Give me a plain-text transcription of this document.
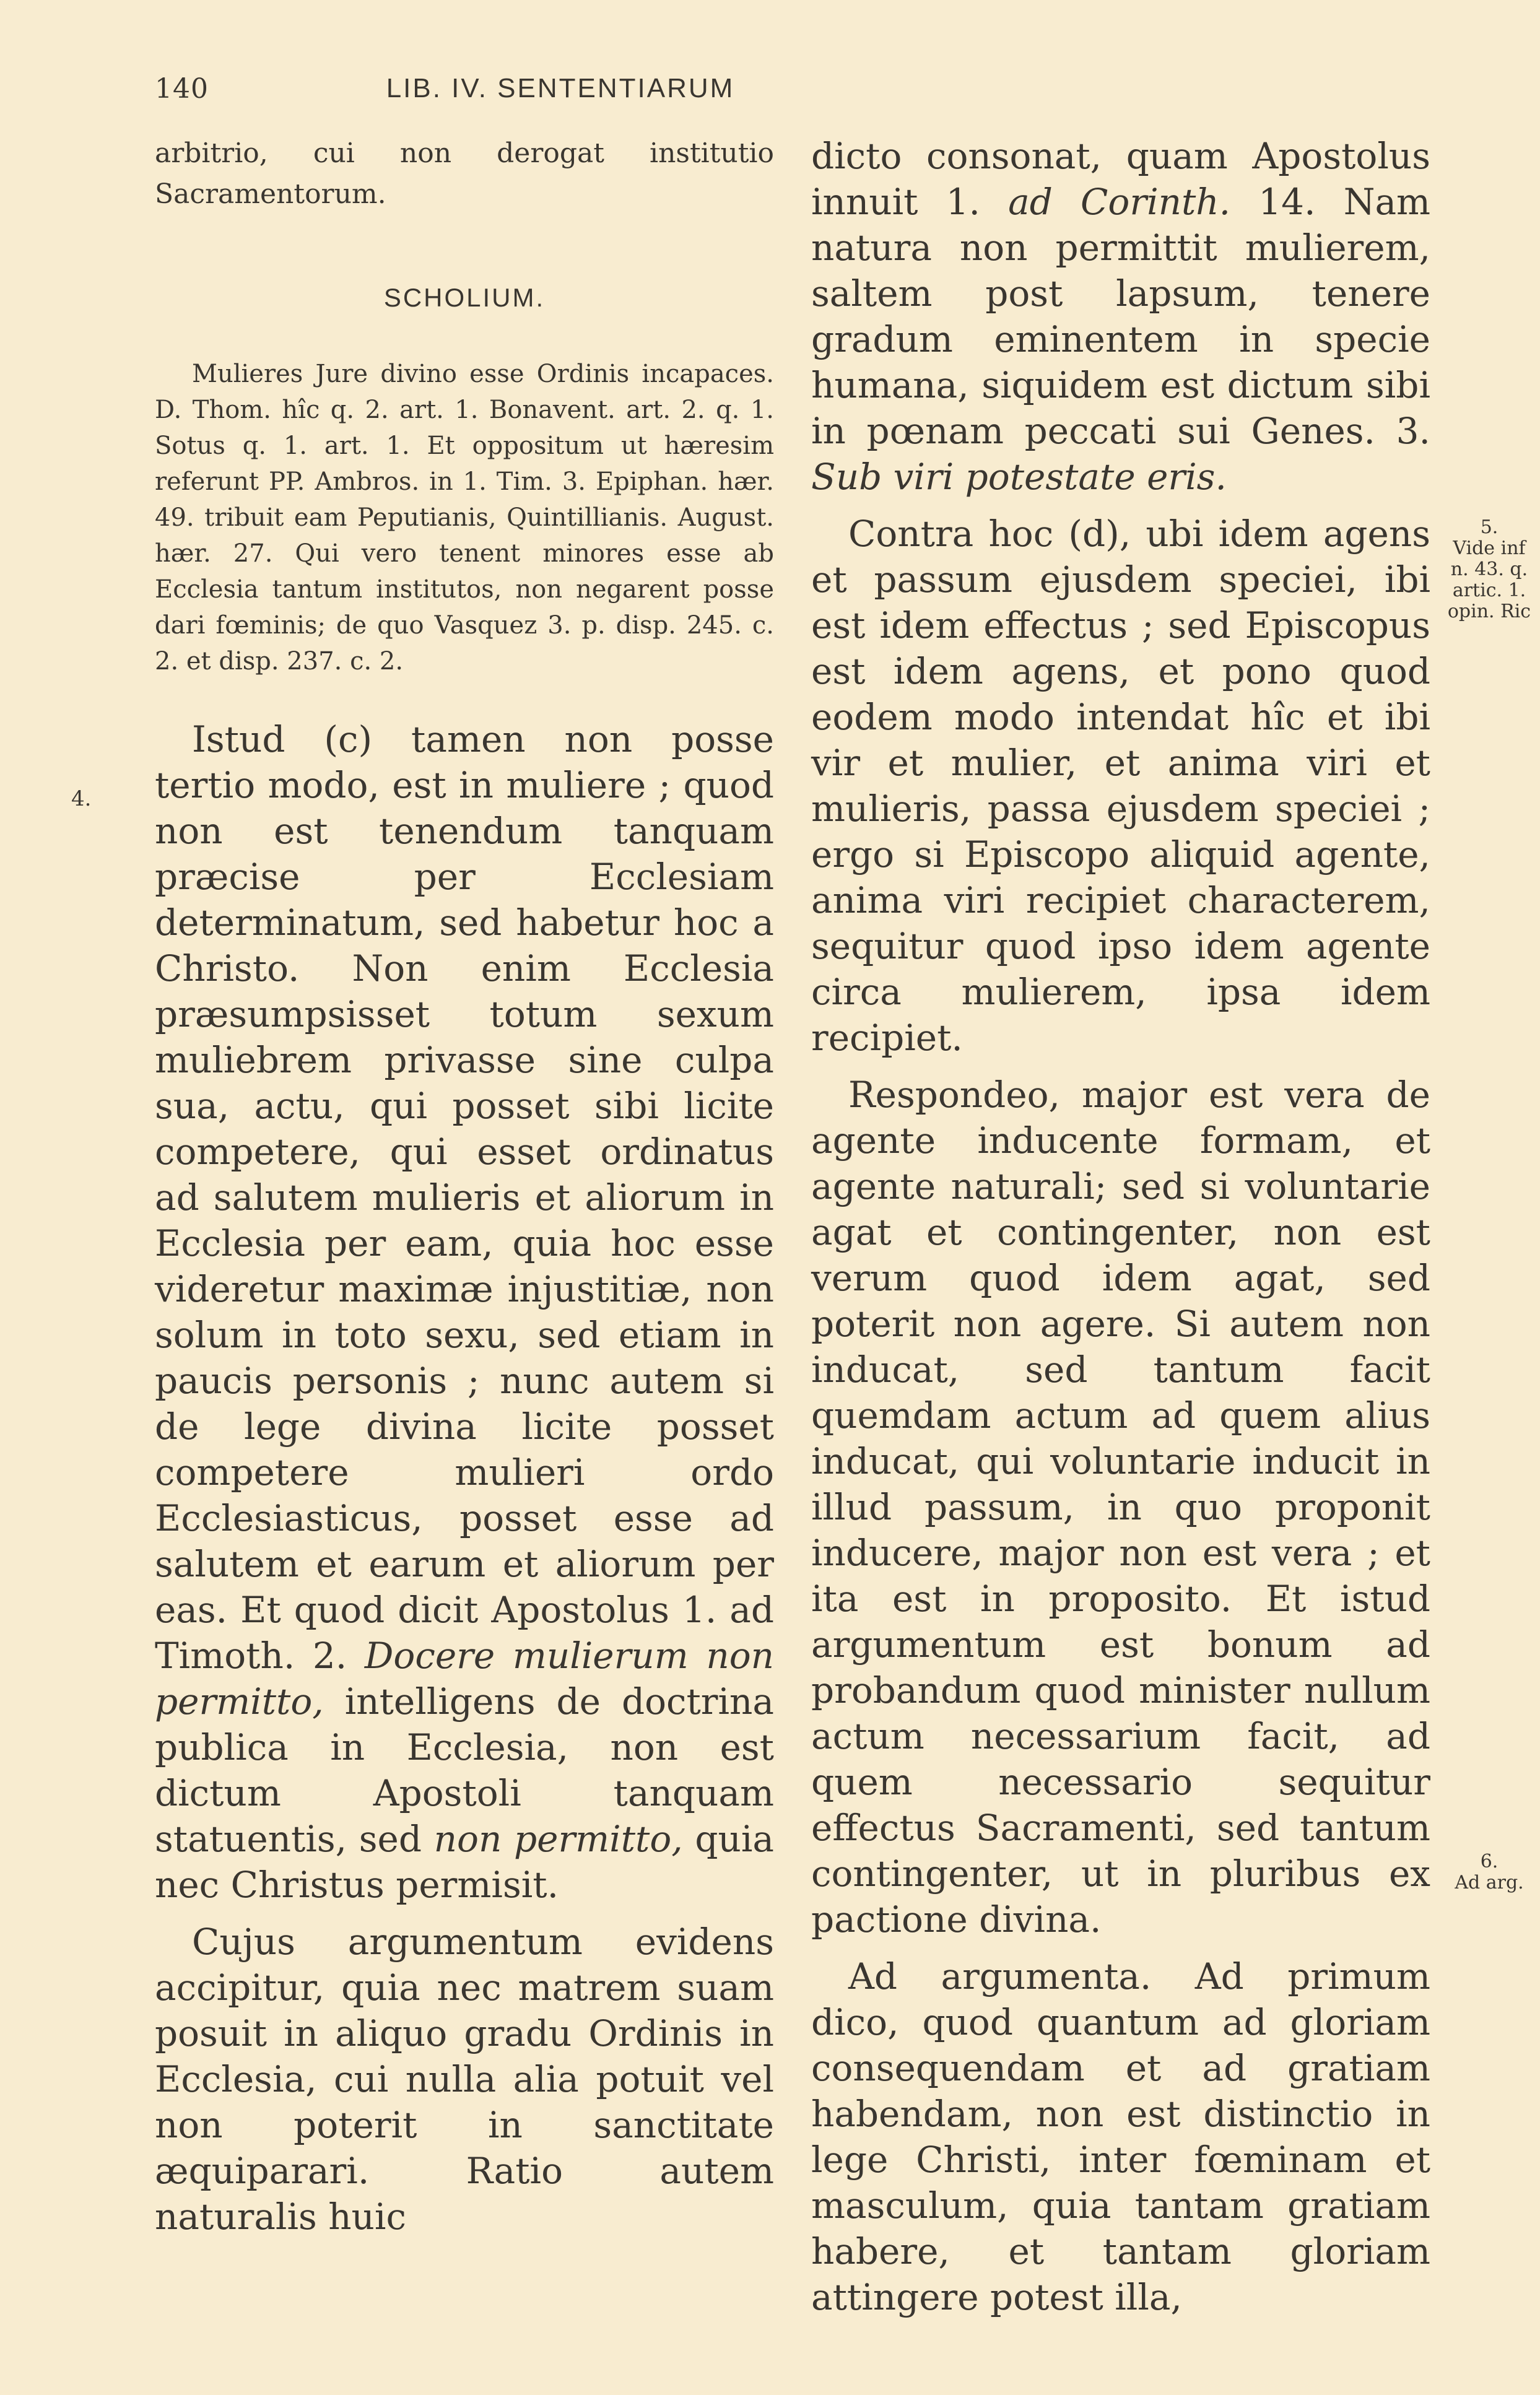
140	LIB. IV. SENTENTIARUM

arbitrio, cui non derogat institutio Sacramentorum.

SCHOLIUM.

Mulieres Jure divino esse Ordinis incapaces. D. Thom. hîc q. 2. art. 1. Bonavent. art. 2. q. 1. Sotus q. 1. art. 1. Et oppositum ut hæresim referunt PP. Ambros. in 1. Tim. 3. Epiphan. hær. 49. tribuit eam Peputianis, Quintillianis. August. hær. 27. Qui vero tenent minores esse ab Ecclesia tantum institutos, non negarent posse dari fœminis; de quo Vasquez 3. p. disp. 245. c. 2. et disp. 237. c. 2.

Istud (c) tamen non posse tertio modo, est in muliere ; quod non est tenendum tanquam præcise per Ecclesiam determinatum, sed habetur hoc a Christo. Non enim Ecclesia præsumpsisset totum sexum muliebrem privasse sine culpa sua, actu, qui posset sibi licite competere, qui esset ordinatus ad salutem mulieris et aliorum in Ecclesia per eam, quia hoc esse videretur maximæ injustitiæ, non solum in toto sexu, sed etiam in paucis personis ; nunc autem si de lege divina licite posset competere mulieri ordo Ecclesiasticus, posset esse ad salutem et earum et aliorum per eas. Et quod dicit Apostolus 1. ad Timoth. 2. Docere mulierum non permitto, intelligens de doctrina publica in Ecclesia, non est dictum Apostoli tanquam statuentis, sed non permitto, quia nec Christus permisit.

Cujus argumentum evidens accipitur, quia nec matrem suam posuit in aliquo gradu Ordinis in Ecclesia, cui nulla alia potuit vel non poterit in sanctitate æquiparari. Ratio autem naturalis huic

4.

dicto consonat, quam Apostolus innuit 1. ad Corinth. 14. Nam natura non permittit mulierem, saltem post lapsum, tenere gradum eminentem in specie humana, siquidem est dictum sibi in pœnam peccati sui Genes. 3. Sub viri potestate eris.

Contra hoc (d), ubi idem agens et passum ejusdem speciei, ibi est idem effectus ; sed Episcopus est idem agens, et pono quod eodem modo intendat hîc et ibi vir et mulier, et anima viri et mulieris, passa ejusdem speciei ; ergo si Episcopo aliquid agente, anima viri recipiet characterem, sequitur quod ipso idem agente circa mulierem, ipsa idem recipiet.

Respondeo, major est vera de agente inducente formam, et agente naturali; sed si voluntarie agat et contingenter, non est verum quod idem agat, sed poterit non agere. Si autem non inducat, sed tantum facit quemdam actum ad quem alius inducat, qui voluntarie inducit in illud passum, in quo proponit inducere, major non est vera ; et ita est in proposito. Et istud argumentum est bonum ad probandum quod minister nullum actum necessarium facit, ad quem necessario sequitur effectus Sacramenti, sed tantum contingenter, ut in pluribus ex pactione divina.

Ad argumenta. Ad primum dico, quod quantum ad gloriam consequendam et ad gratiam habendam, non est distinctio in lege Christi, inter fœminam et masculum, quia tantam gratiam habere, et tantam gloriam attingere potest illa,

5.
Vide inf
n. 43. q.
artic. 1.
opin. Ric
6.
Ad arg.
